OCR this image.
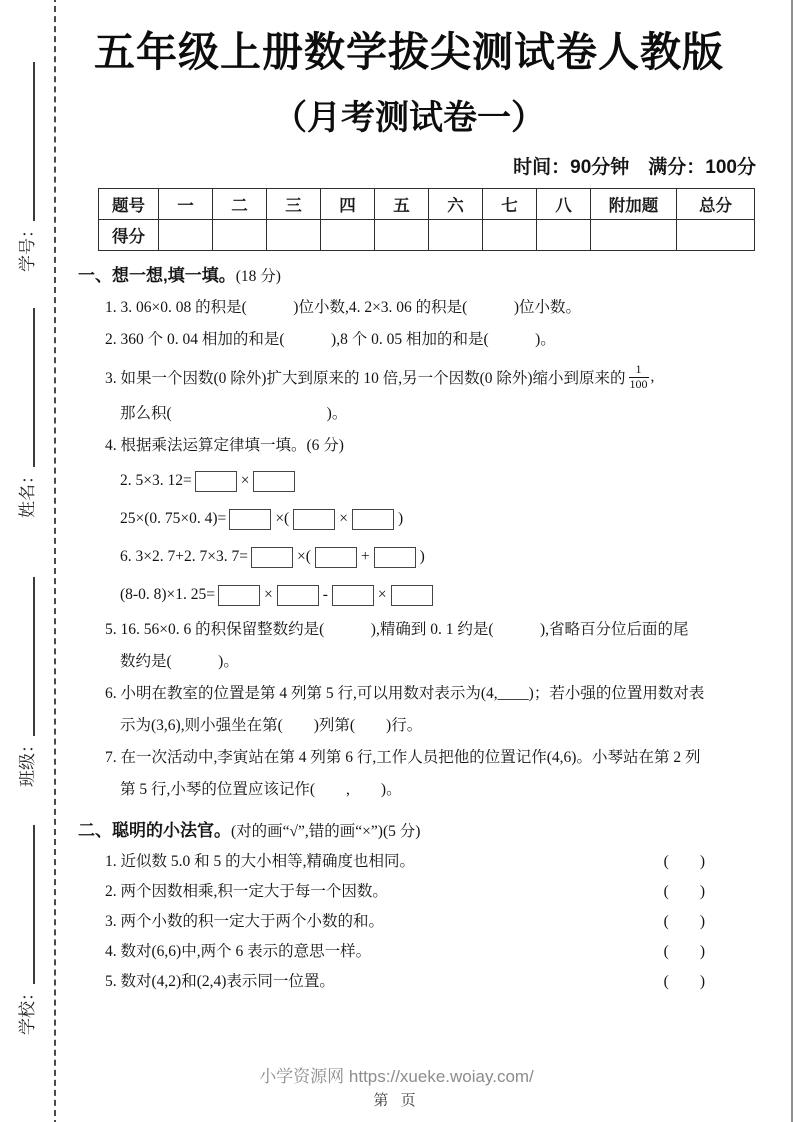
学号：
姓名：
班级：
学校：
五年级上册数学拔尖测试卷人教版
（月考测试卷一）
时间：90分钟　满分：100分
题号	一	二	三	四	五	六	七	八	附加题	总分
得分										
一、想一想,填一填。(18 分)
1. 3. 06×0. 08 的积是(　　　)位小数,4. 2×3. 06 的积是(　　　)位小数。
2. 360 个 0. 04 相加的和是(　　　),8 个 0. 05 相加的和是(　　　)。
3. 如果一个因数(0 除外)扩大到原来的 10 倍,另一个因数(0 除外)缩小到原来的 $\frac{1}{100}$ ,
那么积(　　　　　　　　　　)。
4. 根据乘法运算定律填一填。(6 分)
2. 5×3. 12=	×
25×(0. 75×0. 4)=	×(	×	)
6. 3×2. 7+2. 7×3. 7=	×(	+	)
(8-0. 8)×1. 25=	×	-	×
5. 16. 56×0. 6 的积保留整数约是(　　　),精确到 0. 1 约是(　　　),省略百分位后面的尾
数约是(　　　)。
6. 小明在教室的位置是第 4 列第 5 行,可以用数对表示为(4,____)；若小强的位置用数对表
示为(3,6),则小强坐在第(　　)列第(　　)行。
7. 在一次活动中,李寅站在第 4 列第 6 行,工作人员把他的位置记作(4,6)。小琴站在第 2 列
第 5 行,小琴的位置应该记作(　　,　　)。
二、聪明的小法官。(对的画“√”,错的画“×”)(5 分)
1. 近似数 5.0 和 5 的大小相等,精确度也相同。	(　　)
2. 两个因数相乘,积一定大于每一个因数。	(　　)
3. 两个小数的积一定大于两个小数的和。	(　　)
4. 数对(6,6)中,两个 6 表示的意思一样。	(　　)
5. 数对(4,2)和(2,4)表示同一位置。	(　　)
小学资源网 https://xueke.woiay.com/
第 页
